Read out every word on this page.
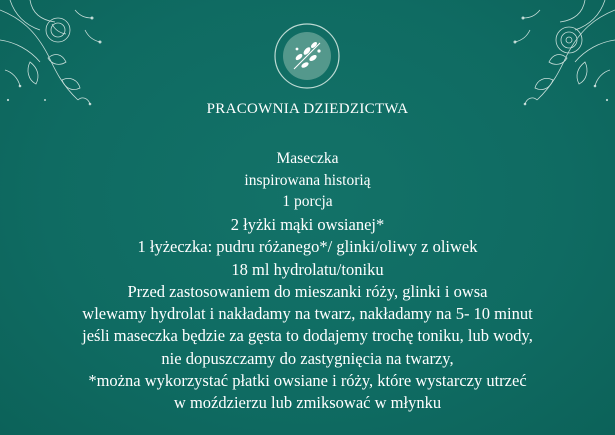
PRACOWNIA DZIEDZICTWA
Maseczka
inspirowana historią
1 porcja
2 łyżki mąki owsianej*
1 łyżeczka: pudru różanego*/ glinki/oliwy z oliwek
18 ml hydrolatu/toniku
Przed zastosowaniem do mieszanki róży, glinki i owsa
wlewamy hydrolat i nakładamy na twarz, nakładamy na 5- 10 minut
jeśli maseczka będzie za gęsta to dodajemy trochę toniku, lub wody,
nie dopuszczamy do zastygnięcia na twarzy,
*można wykorzystać płatki owsiane i róży, które wystarczy utrzeć
w moździerzu lub zmiksować w młynku
